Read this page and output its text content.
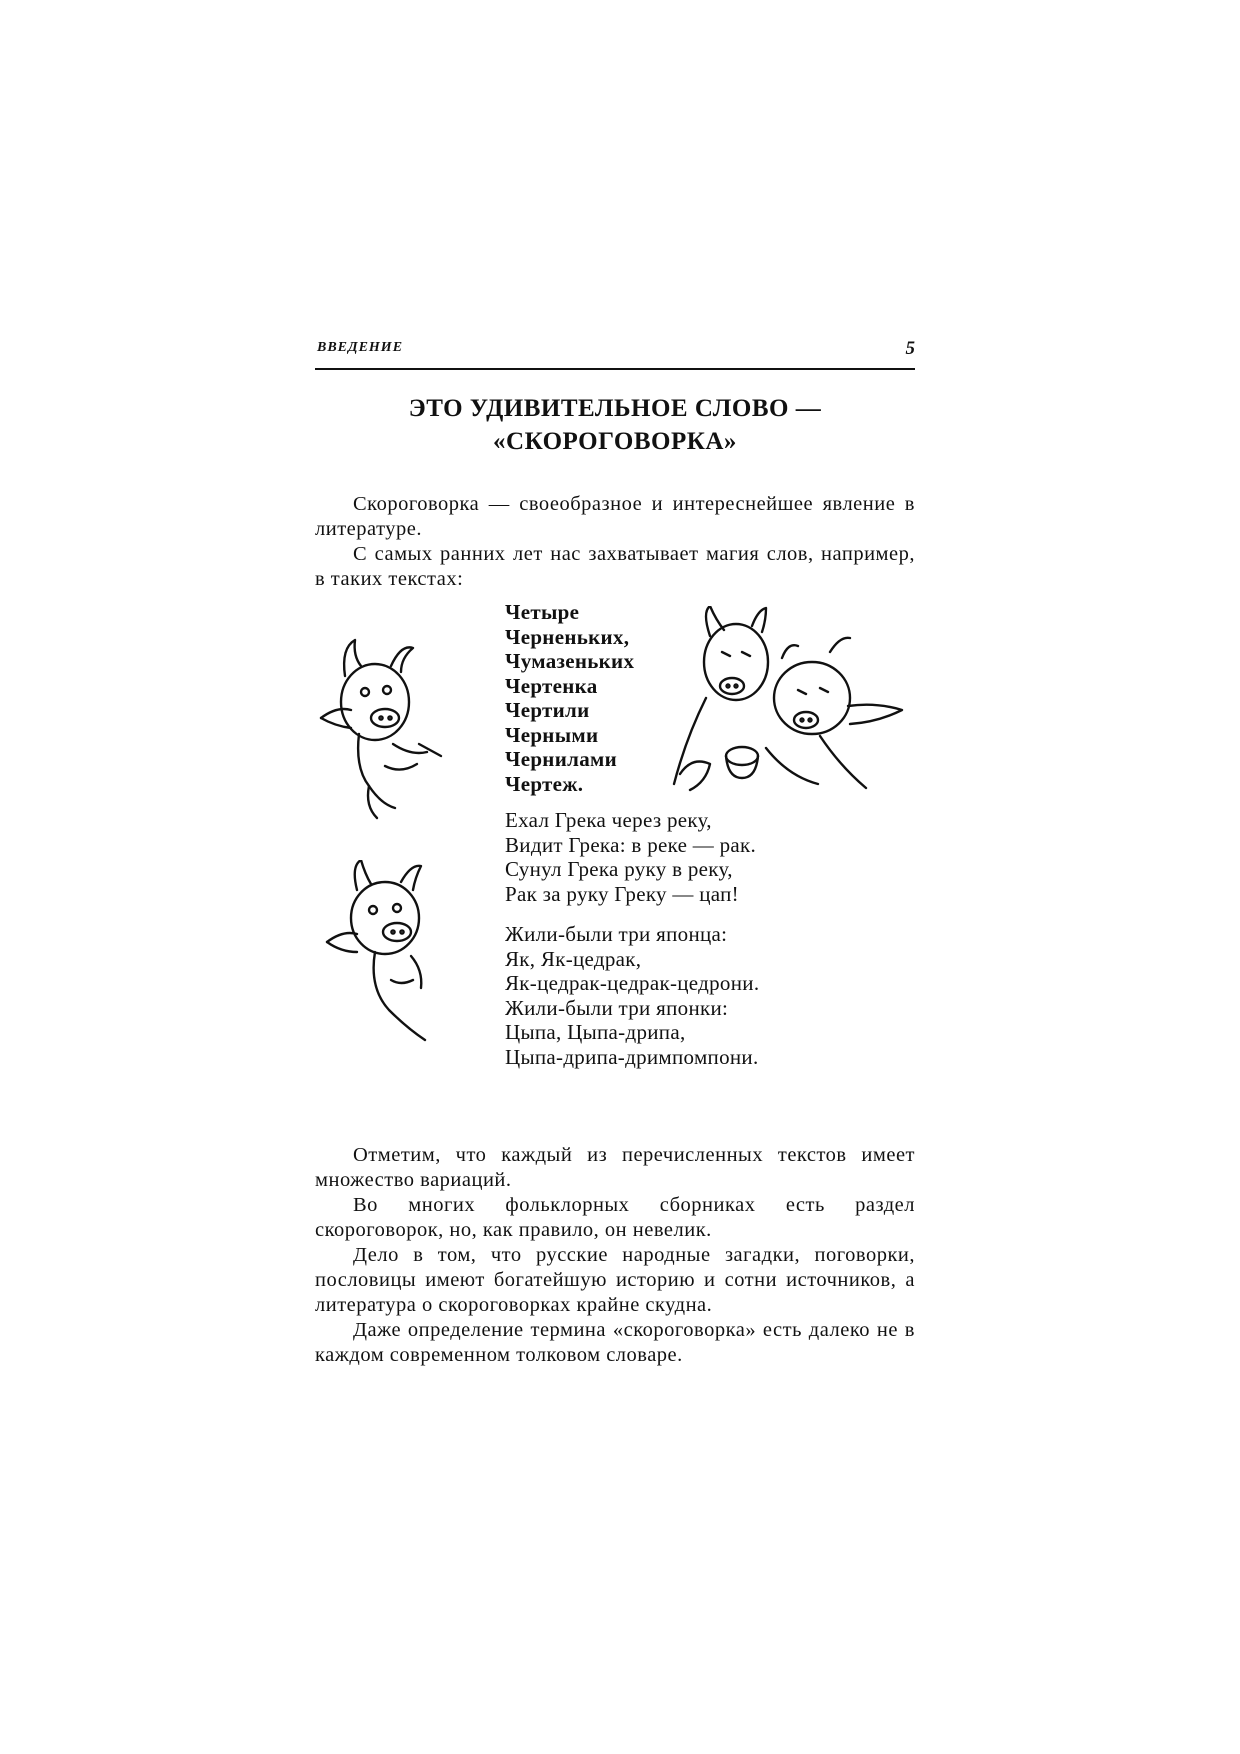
ВВЕДЕНИЕ	5
ЭТО УДИВИТЕЛЬНОЕ СЛОВО —
«СКОРОГОВОРКА»

Скороговорка — своеобразное и интереснейшее явление в литературе.

С самых ранних лет нас захватывает магия слов, например, в таких текстах:

Четыре
Черненьких,
Чумазеньких
Чертенка
Чертили
Черными
Чернилами
Чертеж.
Ехал Грека через реку,
Видит Грека: в реке — рак.
Сунул Грека руку в реку,
Рак за руку Греку — цап!
Жили-были три японца:
Як, Як-цедрак,
Як-цедрак-цедрак-цедрони.
Жили-были три японки:
Цыпа, Цыпа-дрипа,
Цыпа-дрипа-дримпомпони.

Отметим, что каждый из перечисленных текстов имеет множество вариаций.

Во многих фольклорных сборниках есть раздел скороговорок, но, как правило, он невелик.

Дело в том, что русские народные загадки, поговорки, пословицы имеют богатейшую историю и сотни источников, а литература о скороговорках крайне скудна.

Даже определение термина «скороговорка» есть далеко не в каждом современном толковом словаре.
